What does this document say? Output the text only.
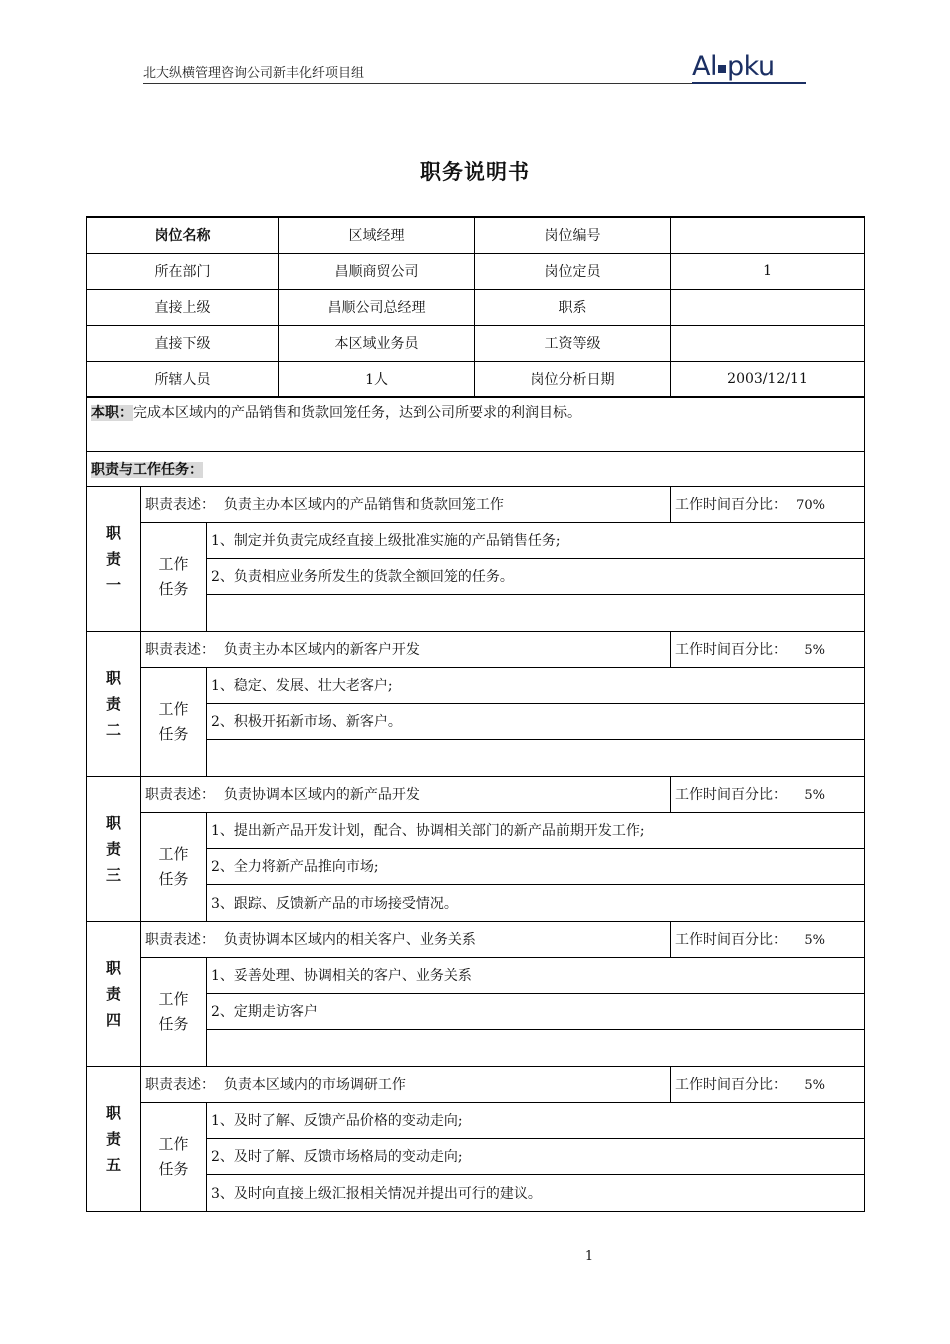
北大纵横管理咨询公司新丰化纤项目组	Al pku
职务说明书
岗位名称			区域经理	岗位编号	
所在部门			昌顺商贸公司	岗位定员	1
直接上级			昌顺公司总经理	职系	
直接下级			本区域业务员	工资等级	
所辖人员			1人	岗位分析日期	2003/12/11
本职：完成本区域内的产品销售和货款回笼任务，达到公司所要求的利润目标。					
职责与工作任务：					
职责一	职责表述： 负责主办本区域内的产品销售和货款回笼工作				工作时间百分比： 70%
	工作任务	1、制定并负责完成经直接上级批准实施的产品销售任务;			
		2、负责相应业务所发生的货款全额回笼的任务。			

职责二	职责表述： 负责主办本区域内的新客户开发				工作时间百分比： 5%
	工作任务	1、稳定、发展、壮大老客户;			
		2、积极开拓新市场、新客户。			

职责三	职责表述： 负责协调本区域内的新产品开发				工作时间百分比： 5%
	工作任务	1、提出新产品开发计划，配合、协调相关部门的新产品前期开发工作;			
		2、全力将新产品推向市场;			
		3、跟踪、反馈新产品的市场接受情况。			
职责四	职责表述： 负责协调本区域内的相关客户、业务关系				工作时间百分比： 5%
	工作任务	1、妥善处理、协调相关的客户、业务关系			
		2、定期走访客户			

职责五	职责表述： 负责本区域内的市场调研工作				工作时间百分比： 5%
	工作任务	1、及时了解、反馈产品价格的变动走向;			
		2、及时了解、反馈市场格局的变动走向;			
		3、及时向直接上级汇报相关情况并提出可行的建议。			
1
